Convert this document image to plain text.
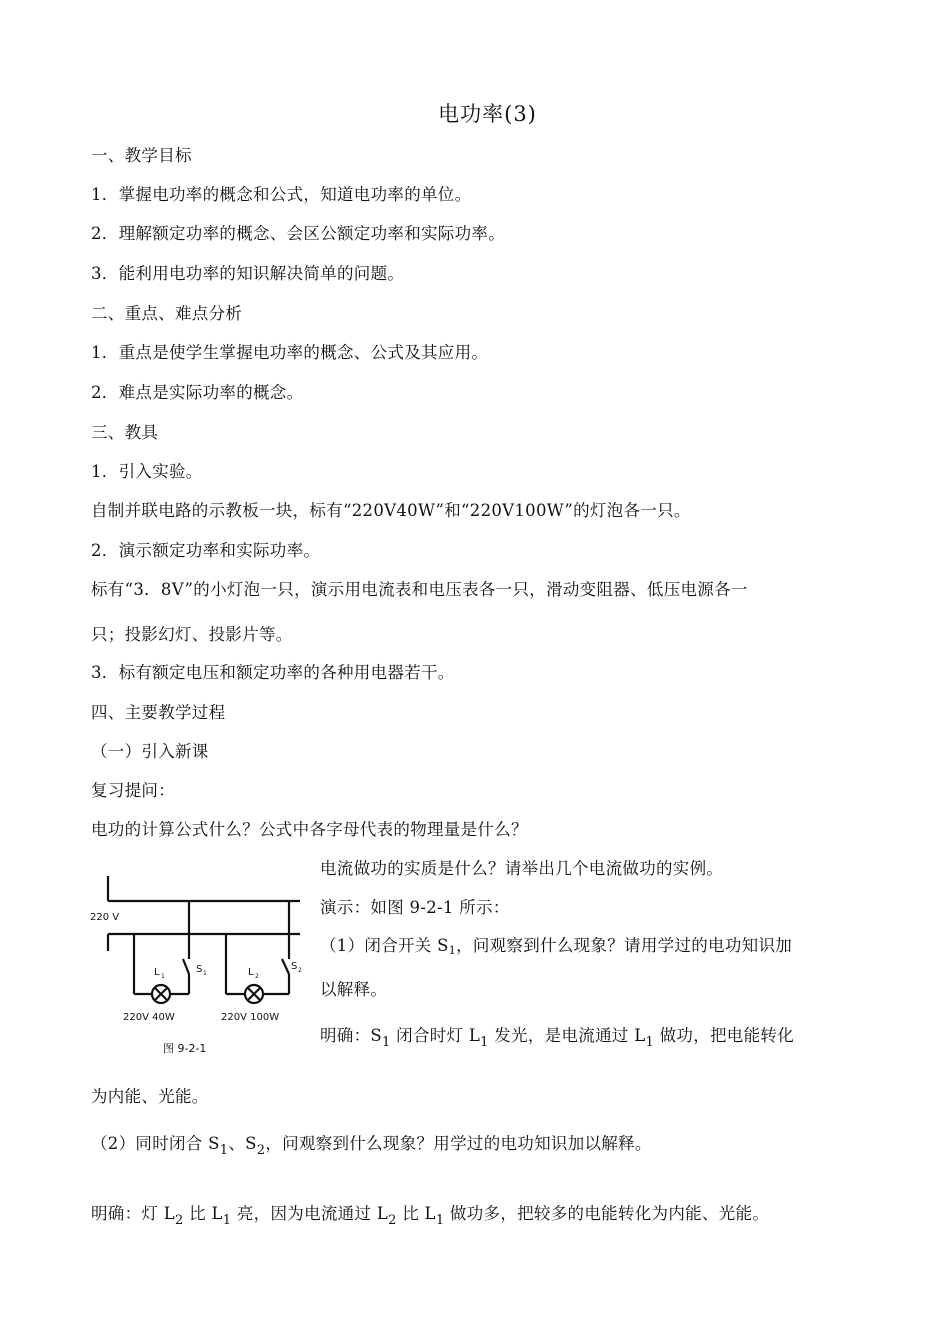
电功率(3)
一、教学目标
1．掌握电功率的概念和公式，知道电功率的单位。
2．理解额定功率的概念、会区公额定功率和实际功率。
3．能利用电功率的知识解决简单的问题。
二、重点、难点分析
1．重点是使学生掌握电功率的概念、公式及其应用。
2．难点是实际功率的概念。
三、教具
1．引入实验。
自制并联电路的示教板一块，标有“220V40W”和“220V100W”的灯泡各一只。
2．演示额定功率和实际功率。
标有“3．8V”的小灯泡一只，演示用电流表和电压表各一只，滑动变阻器、低压电源各一
只；投影幻灯、投影片等。
3．标有额定电压和额定功率的各种用电器若干。
四、主要教学过程
（一）引入新课
复习提问：
电功的计算公式什么？公式中各字母代表的物理量是什么？
220 V
L 1	L 2
S 1
S 2
220V 40W	220V 100W
图 9-2-1
电流做功的实质是什么？请举出几个电流做功的实例。
演示：如图 9-2-1 所示：
（1）闭合开关 S1，问观察到什么现象？请用学过的电功知识加
以解释。
明确：$S_1$ 闭合时灯 $L_1$ 发光，是电流通过 $L_1$ 做功，把电能转化
为内能、光能。
（2）同时闭合 $S_1$、$S_2$，问观察到什么现象？用学过的电功知识加以解释。
明确：灯 $L_2$ 比 $L_1$ 亮，因为电流通过 $L_2$ 比 $L_1$ 做功多，把较多的电能转化为内能、光能。
